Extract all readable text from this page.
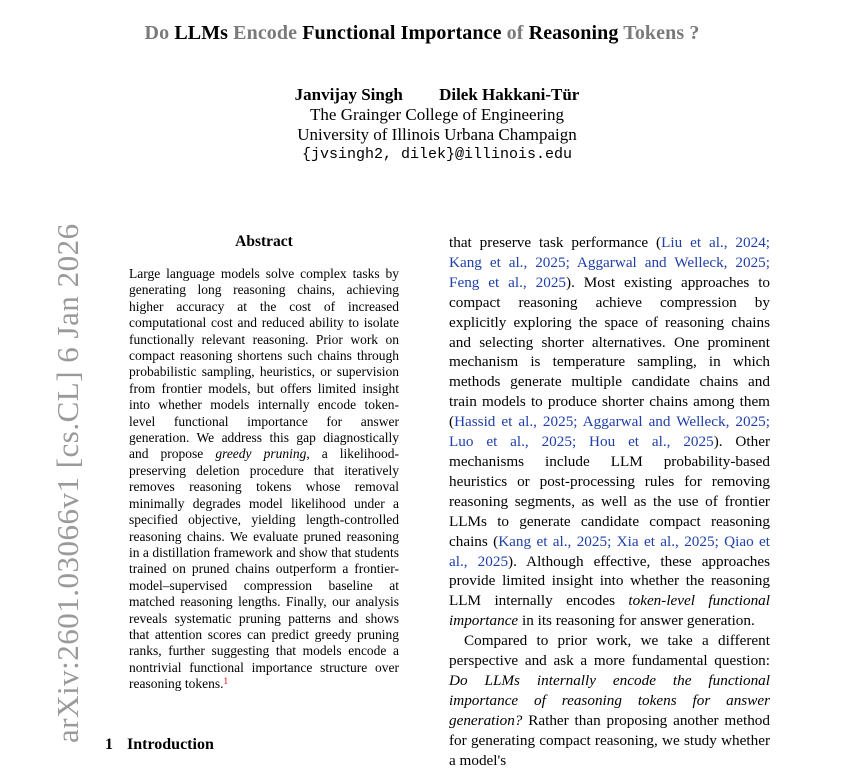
Do LLMs Encode Functional Importance of Reasoning Tokens ?
Janvijay Singh Dilek Hakkani-Tür
The Grainger College of Engineering
University of Illinois Urbana Champaign
{jvsingh2, dilek}@illinois.edu
arXiv:2601.03066v1 [cs.CL] 6 Jan 2026	Abstract
Large language models solve complex tasks by generating long reasoning chains, achieving higher accuracy at the cost of increased computational cost and reduced ability to isolate functionally relevant reasoning. Prior work on compact reasoning shortens such chains through probabilistic sampling, heuristics, or supervision from frontier models, but offers limited insight into whether models internally encode token-level functional importance for answer generation. We address this gap diagnostically and propose greedy pruning, a likelihood-preserving deletion procedure that iteratively removes reasoning tokens whose removal minimally degrades model likelihood under a specified objective, yielding length-controlled reasoning chains. We evaluate pruned reasoning in a distillation framework and show that students trained on pruned chains outperform a frontier-model–supervised compression baseline at matched reasoning lengths. Finally, our analysis reveals systematic pruning patterns and shows that attention scores can predict greedy pruning ranks, further suggesting that models encode a nontrivial functional importance structure over reasoning tokens.$^1$

that preserve task performance (Liu et al., 2024; Kang et al., 2025; Aggarwal and Welleck, 2025; Feng et al., 2025). Most existing approaches to compact reasoning achieve compression by explicitly exploring the space of reasoning chains and selecting shorter alternatives. One prominent mechanism is temperature sampling, in which methods generate multiple candidate chains and train models to produce shorter chains among them (Hassid et al., 2025; Aggarwal and Welleck, 2025; Luo et al., 2025; Hou et al., 2025). Other mechanisms include LLM probability-based heuristics or post-processing rules for removing reasoning segments, as well as the use of frontier LLMs to generate candidate compact reasoning chains (Kang et al., 2025; Xia et al., 2025; Qiao et al., 2025). Although effective, these approaches provide limited insight into whether the reasoning LLM internally encodes token-level functional importance in its reasoning for answer generation.

Compared to prior work, we take a different perspective and ask a more fundamental question: Do LLMs internally encode the functional importance of reasoning tokens for answer generation? Rather than proposing another method for generating compact reasoning, we study whether a model's

1 Introduction
